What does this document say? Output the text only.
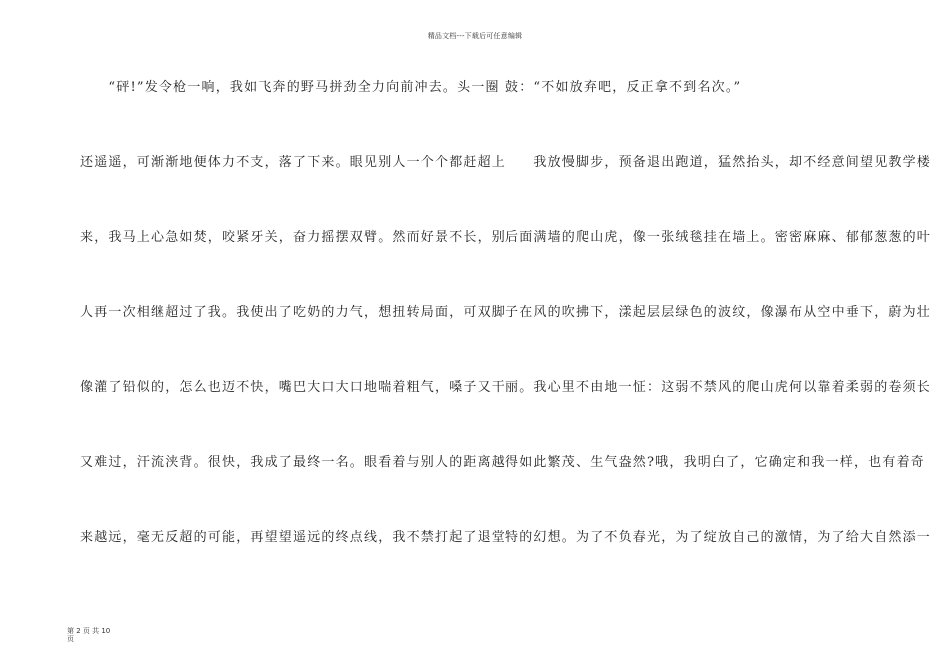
精品文档---下载后可任意编辑
　　“砰!”发令枪一响，我如飞奔的野马拼劲全力向前冲去。头一圈
还遥遥，可渐渐地便体力不支，落了下来。眼见别人一个个都赶超上
来，我马上心急如焚，咬紧牙关，奋力摇摆双臂。然而好景不长，别
人再一次相继超过了我。我使出了吃奶的力气，想扭转局面，可双脚
像灌了铅似的，怎么也迈不快，嘴巴大口大口地喘着粗气，嗓子又干
又难过，汗流浃背。很快，我成了最终一名。眼看着与别人的距离越
来越远，毫无反超的可能，再望望遥远的终点线，我不禁打起了退堂
鼓：“不如放弃吧，反正拿不到名次。”
　　我放慢脚步，预备退出跑道，猛然抬头，却不经意间望见教学楼
后面满墙的爬山虎，像一张绒毯挂在墙上。密密麻麻、郁郁葱葱的叶
子在风的吹拂下，漾起层层绿色的波纹，像瀑布从空中垂下，蔚为壮
丽。我心里不由地一怔：这弱不禁风的爬山虎何以靠着柔弱的卷须长
得如此繁茂、生气盎然?哦，我明白了，它确定和我一样，也有着奇
特的幻想。为了不负春光，为了绽放自己的激情，为了给大自然添一
第 2 页 共 10
页
